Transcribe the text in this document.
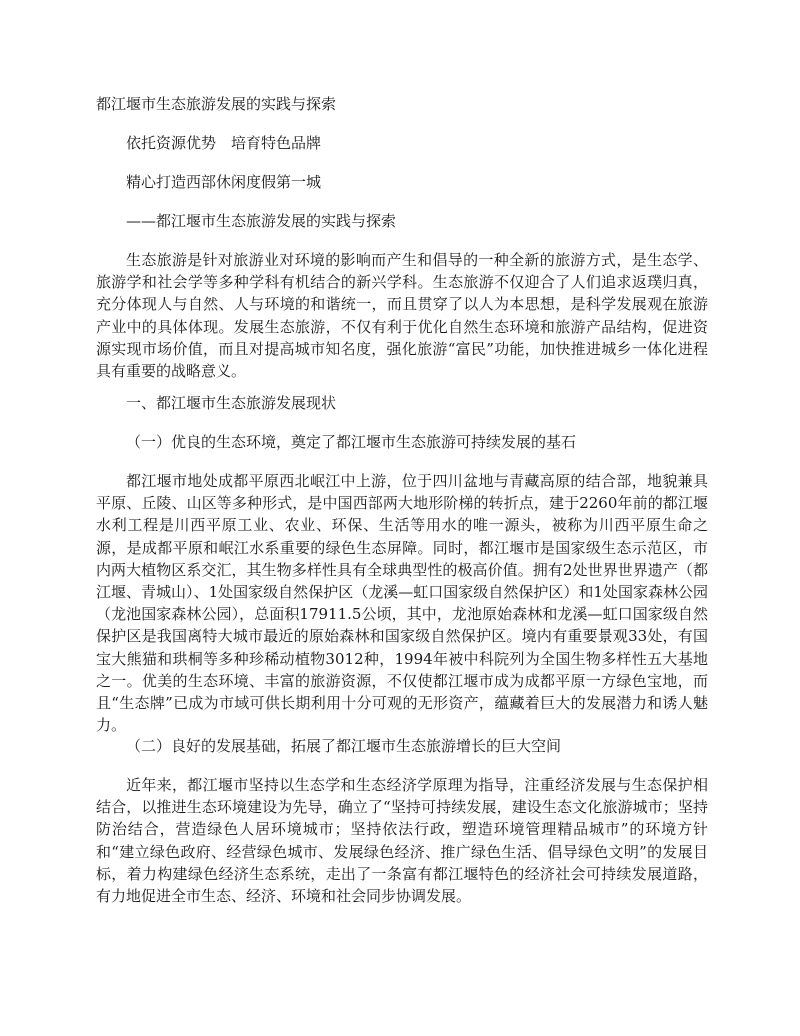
都江堰市生态旅游发展的实践与探索
依托资源优势　培育特色品牌
精心打造西部休闲度假第一城
——都江堰市生态旅游发展的实践与探索
生态旅游是针对旅游业对环境的影响而产生和倡导的一种全新的旅游方式，是生态学、旅游学和社会学等多种学科有机结合的新兴学科。生态旅游不仅迎合了人们追求返璞归真，充分体现人与自然、人与环境的和谐统一，而且贯穿了以人为本思想，是科学发展观在旅游产业中的具体体现。发展生态旅游，不仅有利于优化自然生态环境和旅游产品结构，促进资源实现市场价值，而且对提高城市知名度，强化旅游“富民”功能，加快推进城乡一体化进程具有重要的战略意义。
一、都江堰市生态旅游发展现状
（一）优良的生态环境，奠定了都江堰市生态旅游可持续发展的基石
都江堰市地处成都平原西北岷江中上游，位于四川盆地与青藏高原的结合部，地貌兼具平原、丘陵、山区等多种形式，是中国西部两大地形阶梯的转折点，建于2260年前的都江堰水利工程是川西平原工业、农业、环保、生活等用水的唯一源头，被称为川西平原生命之源，是成都平原和岷江水系重要的绿色生态屏障。同时，都江堰市是国家级生态示范区，市内两大植物区系交汇，其生物多样性具有全球典型性的极高价值。拥有2处世界世界遗产（都江堰、青城山）、1处国家级自然保护区（龙溪—虹口国家级自然保护区）和1处国家森林公园（龙池国家森林公园），总面积17911.5公顷，其中，龙池原始森林和龙溪—虹口国家级自然保护区是我国离特大城市最近的原始森林和国家级自然保护区。境内有重要景观33处，有国宝大熊猫和珙桐等多种珍稀动植物3012种，1994年被中科院列为全国生物多样性五大基地之一。优美的生态环境、丰富的旅游资源，不仅使都江堰市成为成都平原一方绿色宝地，而且“生态牌”已成为市域可供长期利用十分可观的无形资产，蕴藏着巨大的发展潜力和诱人魅力。
（二）良好的发展基础，拓展了都江堰市生态旅游增长的巨大空间
近年来，都江堰市坚持以生态学和生态经济学原理为指导，注重经济发展与生态保护相结合，以推进生态环境建设为先导，确立了“坚持可持续发展，建设生态文化旅游城市；坚持防治结合，营造绿色人居环境城市；坚持依法行政，塑造环境管理精品城市”的环境方针和“建立绿色政府、经营绿色城市、发展绿色经济、推广绿色生活、倡导绿色文明”的发展目标，着力构建绿色经济生态系统，走出了一条富有都江堰特色的经济社会可持续发展道路，有力地促进全市生态、经济、环境和社会同步协调发展。
